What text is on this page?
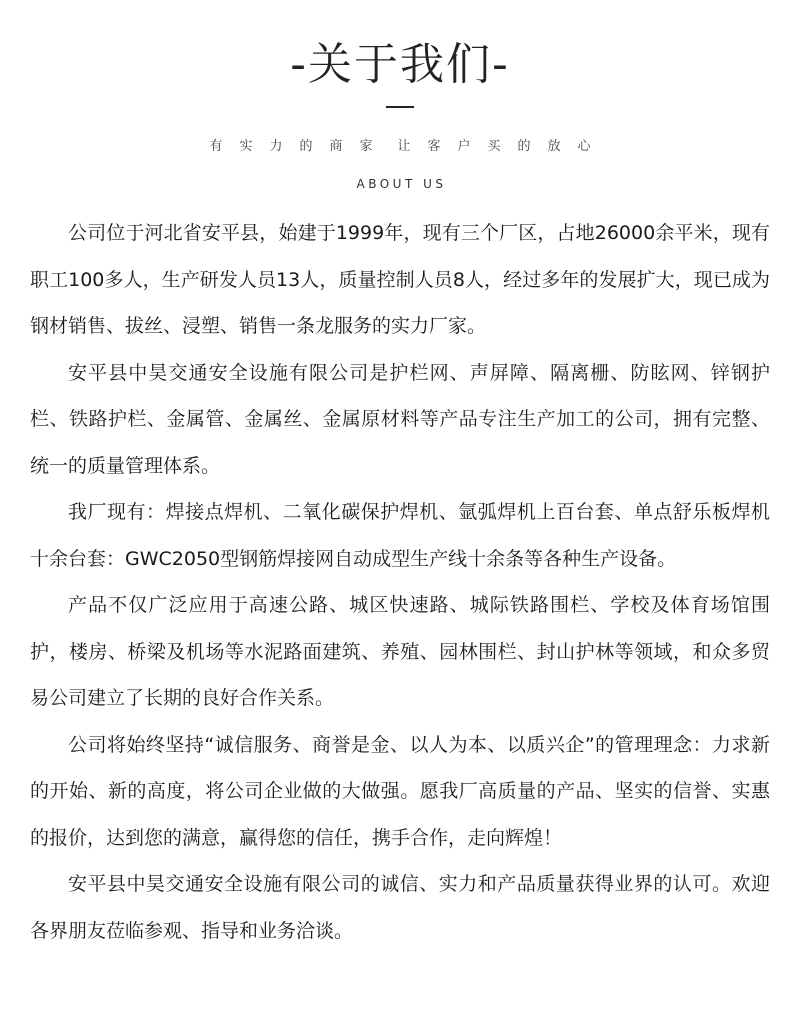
-关于我们-
有实力的商家 让客户买的放心
ABOUT US

公司位于河北省安平县，始建于1999年，现有三个厂区，占地26000余平米，现有职工100多人，生产研发人员13人，质量控制人员8人，经过多年的发展扩大，现已成为钢材销售、拔丝、浸塑、销售一条龙服务的实力厂家。

安平县中昊交通安全设施有限公司是护栏网、声屏障、隔离栅、防眩网、锌钢护栏、铁路护栏、金属管、金属丝、金属原材料等产品专注生产加工的公司，拥有完整、统一的质量管理体系。

我厂现有：焊接点焊机、二氧化碳保护焊机、氩弧焊机上百台套、单点舒乐板焊机十余台套：GWC2050型钢筋焊接网自动成型生产线十余条等各种生产设备。

产品不仅广泛应用于高速公路、城区快速路、城际铁路围栏、学校及体育场馆围护，楼房、桥梁及机场等水泥路面建筑、养殖、园林围栏、封山护林等领域，和众多贸易公司建立了长期的良好合作关系。

公司将始终坚持“诚信服务、商誉是金、以人为本、以质兴企”的管理理念：力求新的开始、新的高度，将公司企业做的大做强。愿我厂高质量的产品、坚实的信誉、实惠的报价，达到您的满意，赢得您的信任，携手合作，走向辉煌！

安平县中昊交通安全设施有限公司的诚信、实力和产品质量获得业界的认可。欢迎各界朋友莅临参观、指导和业务洽谈。
